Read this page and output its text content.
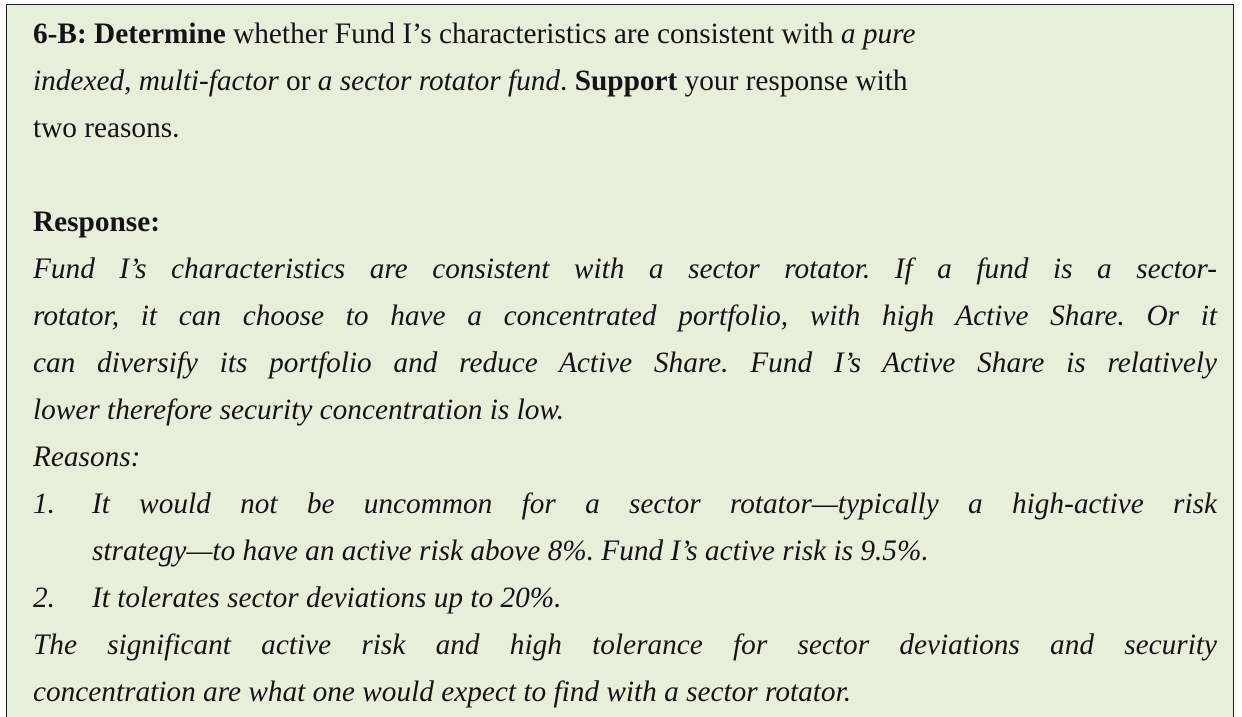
6-B: Determine whether Fund I’s characteristics are consistent with a pure
indexed, multi-factor or a sector rotator fund. Support your response with
two reasons.
Response:
Fund I’s characteristics are consistent with a sector rotator. If a fund is a sector-
rotator, it can choose to have a concentrated portfolio, with high Active Share. Or it
can diversify its portfolio and reduce Active Share. Fund I’s Active Share is relatively
lower therefore security concentration is low.
Reasons:
1.	It would not be uncommon for a sector rotator—typically a high-active risk
strategy—to have an active risk above 8%. Fund I’s active risk is 9.5%.
2.	It tolerates sector deviations up to 20%.
The significant active risk and high tolerance for sector deviations and security
concentration are what one would expect to find with a sector rotator.
